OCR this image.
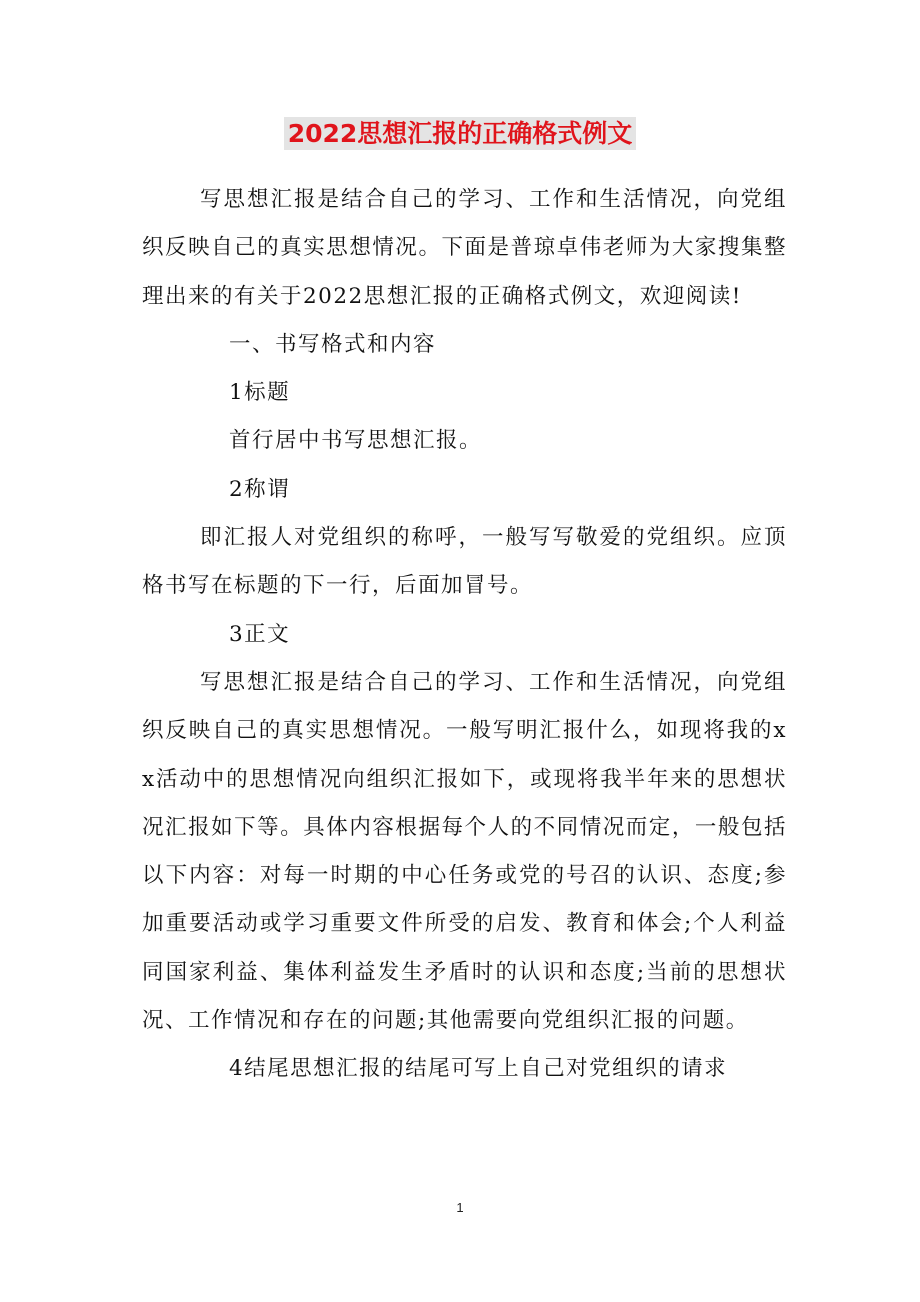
2022思想汇报的正确格式例文

写思想汇报是结合自己的学习、工作和生活情况，向党组织反映自己的真实思想情况。下面是普琼卓伟老师为大家搜集整理出来的有关于2022思想汇报的正确格式例文，欢迎阅读!

一、书写格式和内容

1标题

首行居中书写思想汇报。

2称谓

即汇报人对党组织的称呼，一般写写敬爱的党组织。应顶格书写在标题的下一行，后面加冒号。

3正文

写思想汇报是结合自己的学习、工作和生活情况，向党组织反映自己的真实思想情况。一般写明汇报什么，如现将我的xx活动中的思想情况向组织汇报如下，或现将我半年来的思想状况汇报如下等。具体内容根据每个人的不同情况而定，一般包括以下内容：对每一时期的中心任务或党的号召的认识、态度;参加重要活动或学习重要文件所受的启发、教育和体会;个人利益同国家利益、集体利益发生矛盾时的认识和态度;当前的思想状况、工作情况和存在的问题;其他需要向党组织汇报的问题。

4结尾思想汇报的结尾可写上自己对党组织的请求

1
